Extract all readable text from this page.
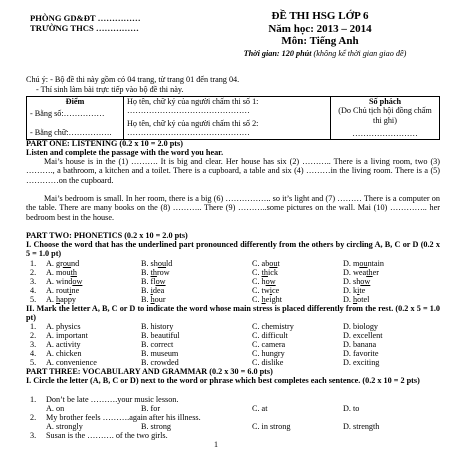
PHÒNG GD&ĐT ……………
TRƯỜNG THCS ……………
ĐỀ THI HSG LỚP 6
Năm học: 2013 – 2014
Môn: Tiếng Anh
Thời gian: 120 phút (không kể thời gian giao đề)
Chú ý: - Bộ đề thi này gồm có 04 trang, từ trang 01 đến trang 04.
- Thí sinh làm bài trực tiếp vào bộ đề thi này.
Điểm
- Bằng số:……………
- Bằng chữ:…………….

Họ tên, chữ ký của người chấm thi số 1:
………………………………………
Họ tên, chữ ký của người chấm thi số 2:
………………………………………

Số phách
(Do Chủ tịch hội đồng chấm thi ghi)
……………………
PART ONE: LISTENING (0.2 x 10 = 2.0 pts)
Listen and complete the passage with the word you hear.
Mai’s house is in the (1) ………. It is big and clear. Her house has six (2) ……….. There is a living room, two (3) ………., a bathroom, a kitchen and a toilet. There is a cupboard, a table and six (4) ………in the living room. There is a (5) …………on the cupboard.
Mai’s bedroom is small. In her room, there is a big (6) …………….. so it’s light and (7) ……… There is a computer on the table. There are many books on the (8) ……….. There (9) ………..some pictures on the wall. Mai (10) ………….. her bedroom best in the house.
PART TWO: PHONETICS (0.2 x 10 = 2.0 pts)
I. Choose the word that has the underlined part pronounced differently from the others by circling A, B, C or D (0.2 x 5 = 1.0 pt)
1. A. ground	B. should	C. about	D. mountain
2. A. mouth	B. throw	C. thick	D. weather
3. A. window	B. flow	C. how	D. show
4. A. routine	B. idea	C. twice	D. kite
5. A. happy	B. hour	C. height	D. hotel
II. Mark the letter A, B, C or D to indicate the word whose main stress is placed differently from the rest. (0.2 x 5 = 1.0 pt)
1. A. physics	B. history	C. chemistry	D. biology
2. A. important	B. beautiful	C. difficult	D. excellent
3. A. activity	B. correct	C. camera	D. banana
4. A. chicken	B. museum	C. hungry	D. favorite
5. A. convenience	B. crowded	C. dislike	D. exciting
PART THREE: VOCABULARY AND GRAMMAR (0.2 x 30 = 6.0 pts)
I. Circle the letter (A, B, C or D) next to the word or phrase which best completes each sentence. (0.2 x 10 = 2 pts)
1. Don’t be late ……….your music lesson.
A. on	B. for	C. at	D. to
2. My brother feels ……….again after his illness.
A. strongly	B. strong	C. in strong	D. strength
3. Susan is the ………. of the two girls.
1
